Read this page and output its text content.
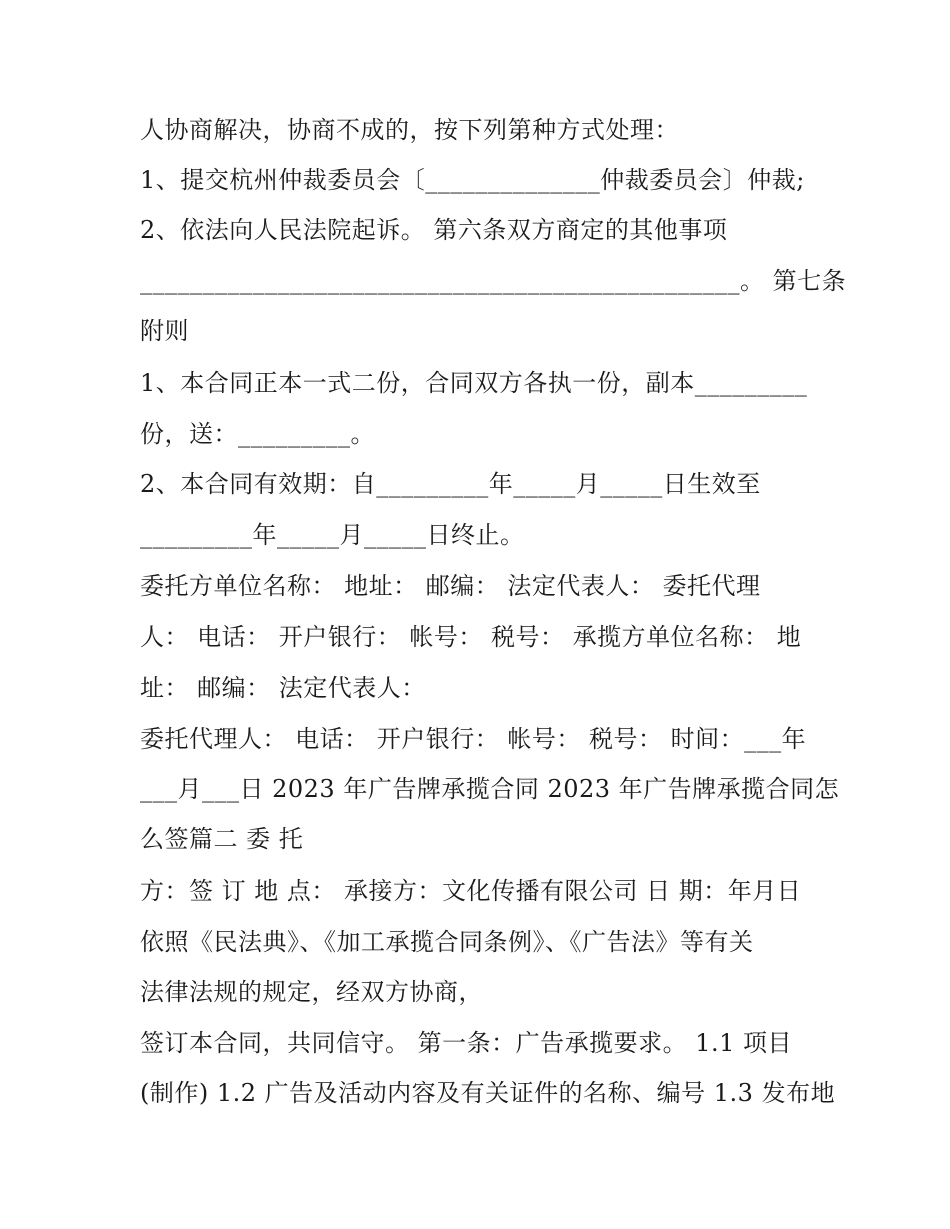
人协商解决，协商不成的，按下列第种方式处理：
1、提交杭州仲裁委员会〔______________仲裁委员会〕仲裁;
2、依法向人民法院起诉。 第六条双方商定的其他事项
________________________________________________。 第七条
附则
1、本合同正本一式二份，合同双方各执一份，副本_________
份，送：_________。
2、本合同有效期：自_________年_____月_____日生效至
_________年_____月_____日终止。
委托方单位名称： 地址： 邮编： 法定代表人： 委托代理
人： 电话： 开户银行： 帐号： 税号： 承揽方单位名称： 地
址： 邮编： 法定代表人：
委托代理人： 电话： 开户银行： 帐号： 税号： 时间：___年
___月___日 2023 年广告牌承揽合同 2023 年广告牌承揽合同怎
么签篇二 委 托
方：签 订 地 点： 承接方：文化传播有限公司 日 期：年月日
依照《民法典》、《加工承揽合同条例》、《广告法》等有关
法律法规的规定，经双方协商，
签订本合同，共同信守。 第一条：广告承揽要求。 1.1 项目
(制作) 1.2 广告及活动内容及有关证件的名称、编号 1.3 发布地
